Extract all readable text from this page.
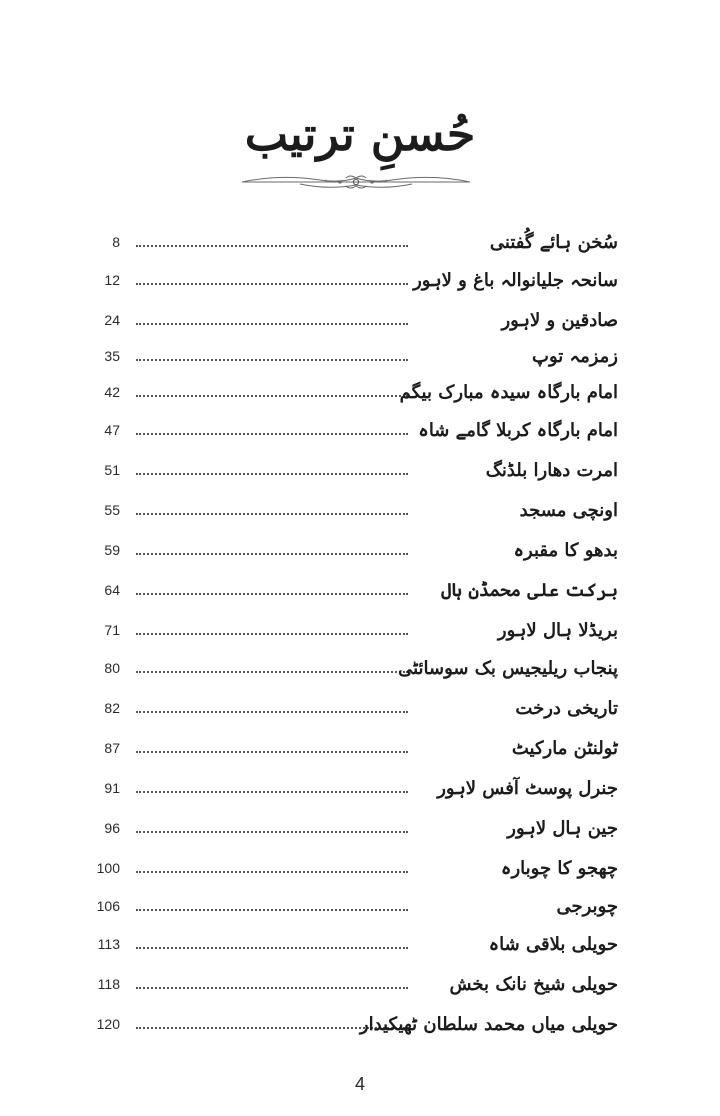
حُسنِ ترتیب
8	سُخن ہائے گُفتنی
12	سانحہ جلیانوالہ باغ و لاہور
24	صادقین و لاہور
35	زمزمہ توپ
42	امام بارگاہ سیدہ مبارک بیگم
47	امام بارگاہ کربلا گامے شاہ
51	امرت دھارا بلڈنگ
55	اونچی مسجد
59	بدھو کا مقبرہ
64	برکت علی محمڈن ہال
71	بریڈلا ہال لاہور
80	پنجاب ریلیجیس بک سوسائٹی
82	تاریخی درخت
87	ٹولنٹن مارکیٹ
91	جنرل پوسٹ آفس لاہور
96	جین ہال لاہور
100	چھجو کا چوبارہ
106	چوبرجی
113	حویلی بلاقی شاہ
118	حویلی شیخ نانک بخش
120	حویلی میاں محمد سلطان ٹھیکیدار
4
